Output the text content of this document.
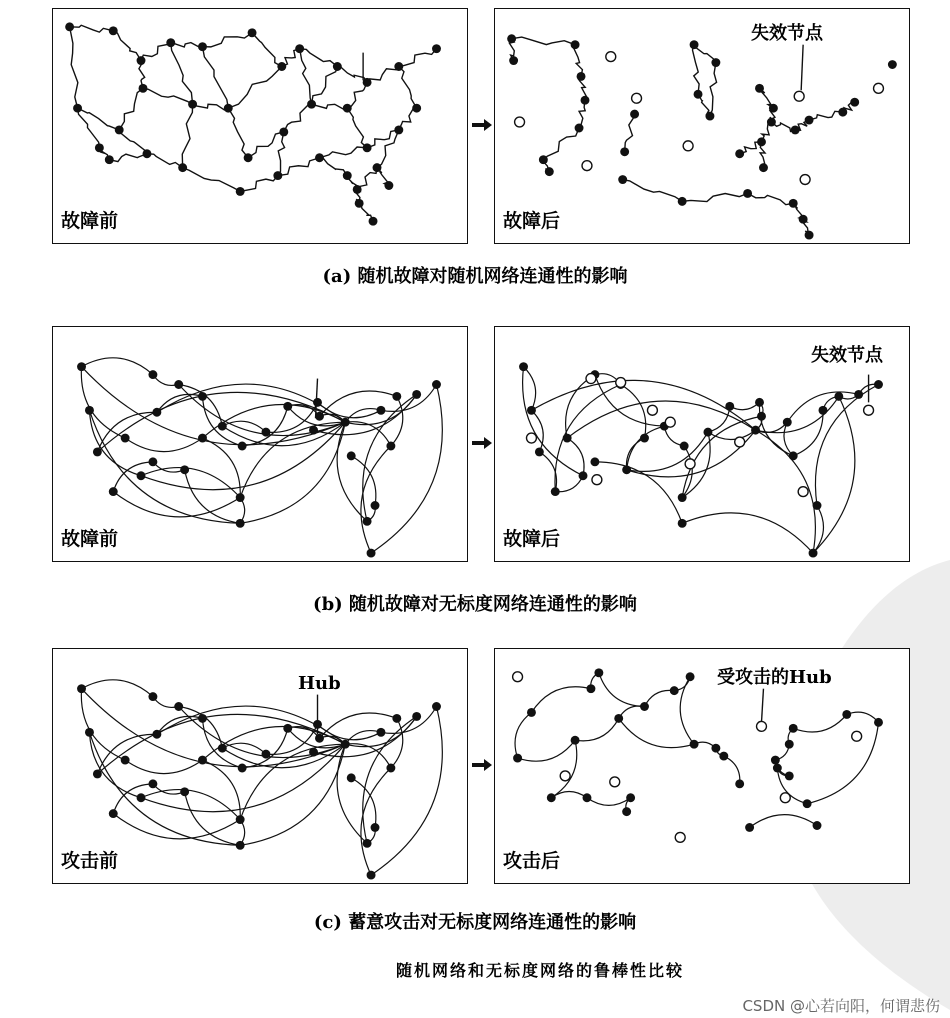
故障前	故障后
失效节点
(a) 随机故障对随机网络连通性的影响
故障前	故障后
失效节点
(b) 随机故障对无标度网络连通性的影响
攻击前
Hub
攻击后
受攻击的Hub
(c) 蓄意攻击对无标度网络连通性的影响
随机网络和无标度网络的鲁棒性比较
CSDN @心若向阳，何谓悲伤
